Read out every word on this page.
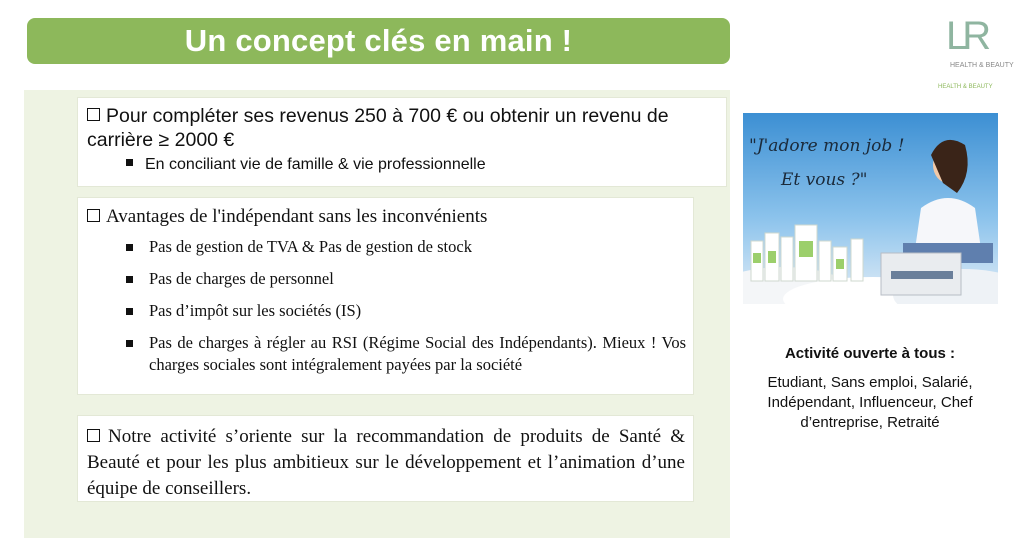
Un concept clés en main !	LR
HEALTH & BEAUTY
HEALTH & BEAUTY
Pour compléter ses revenus 250 à 700 € ou obtenir un revenu de carrière ≥ 2000 €
En conciliant vie de famille & vie professionnelle
Avantages de l'indépendant sans les inconvénients
Pas de gestion de TVA & Pas de gestion de stock
Pas de charges de personnel
Pas d’impôt sur les sociétés (IS)
Pas de charges à régler au RSI (Régime Social des Indépendants). Mieux ! Vos charges sociales sont intégralement payées par la société
Notre activité s’oriente sur la recommandation de produits de Santé & Beauté et pour les plus ambitieux sur le développement et l’animation d’une équipe de conseillers.
"J'adore mon job !
Et vous ?"
Activité ouverte à tous :
Etudiant, Sans emploi, Salarié, Indépendant, Influenceur, Chef d’entreprise, Retraité
